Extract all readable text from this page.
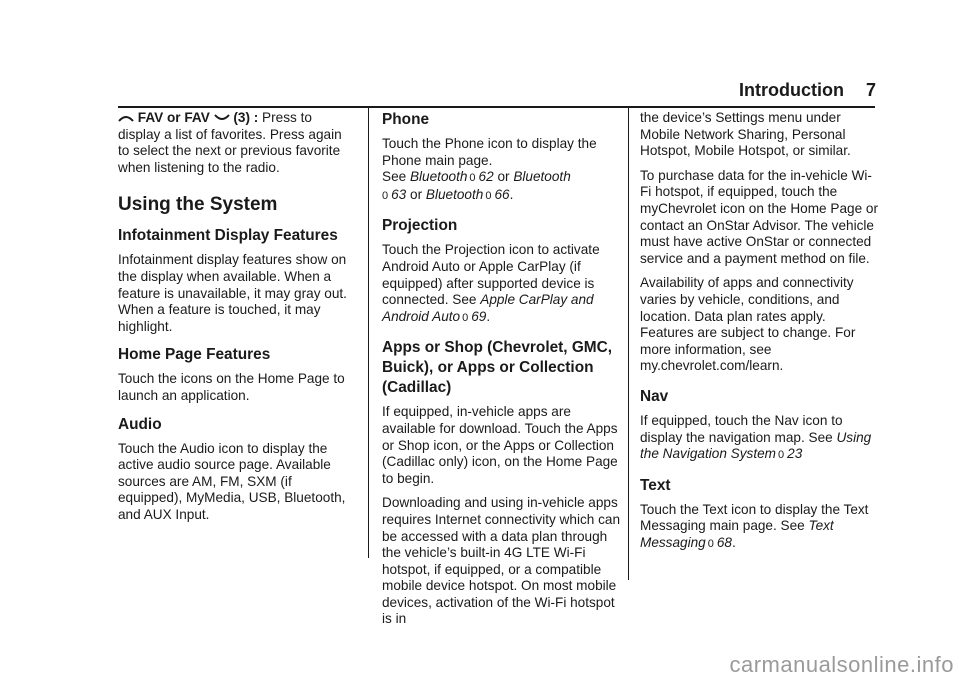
Introduction 7

FAV or FAV (3) : Press to display a list of favorites. Press again to select the next or previous favorite when listening to the radio.

Using the System
Infotainment Display Features

Infotainment display features show on the display when available. When a feature is unavailable, it may gray out. When a feature is touched, it may highlight.

Home Page Features

Touch the icons on the Home Page to launch an application.

Audio

Touch the Audio icon to display the active audio source page. Available sources are AM, FM, SXM (if equipped), MyMedia, USB, Bluetooth, and AUX Input.

Phone

Touch the Phone icon to display the Phone main page.
See Bluetooth 0 62 or Bluetooth
0 63 or Bluetooth 0 66.

Projection

Touch the Projection icon to activate Android Auto or Apple CarPlay (if equipped) after supported device is connected. See Apple CarPlay and Android Auto 0 69.

Apps or Shop (Chevrolet, GMC, Buick), or Apps or Collection (Cadillac)

If equipped, in-vehicle apps are available for download. Touch the Apps or Shop icon, or the Apps or Collection (Cadillac only) icon, on the Home Page to begin.

Downloading and using in-vehicle apps requires Internet connectivity which can be accessed with a data plan through the vehicle’s built-in 4G LTE Wi-Fi hotspot, if equipped, or a compatible mobile device hotspot. On most mobile devices, activation of the Wi-Fi hotspot is in

the device’s Settings menu under Mobile Network Sharing, Personal Hotspot, Mobile Hotspot, or similar.

To purchase data for the in-vehicle Wi-Fi hotspot, if equipped, touch the myChevrolet icon on the Home Page or contact an OnStar Advisor. The vehicle must have active OnStar or connected service and a payment method on file.

Availability of apps and connectivity varies by vehicle, conditions, and location. Data plan rates apply. Features are subject to change. For more information, see my.chevrolet.com/learn.

Nav

If equipped, touch the Nav icon to display the navigation map. See Using the Navigation System 0 23

Text

Touch the Text icon to display the Text Messaging main page. See Text Messaging 0 68.

carmanualsonline.info
